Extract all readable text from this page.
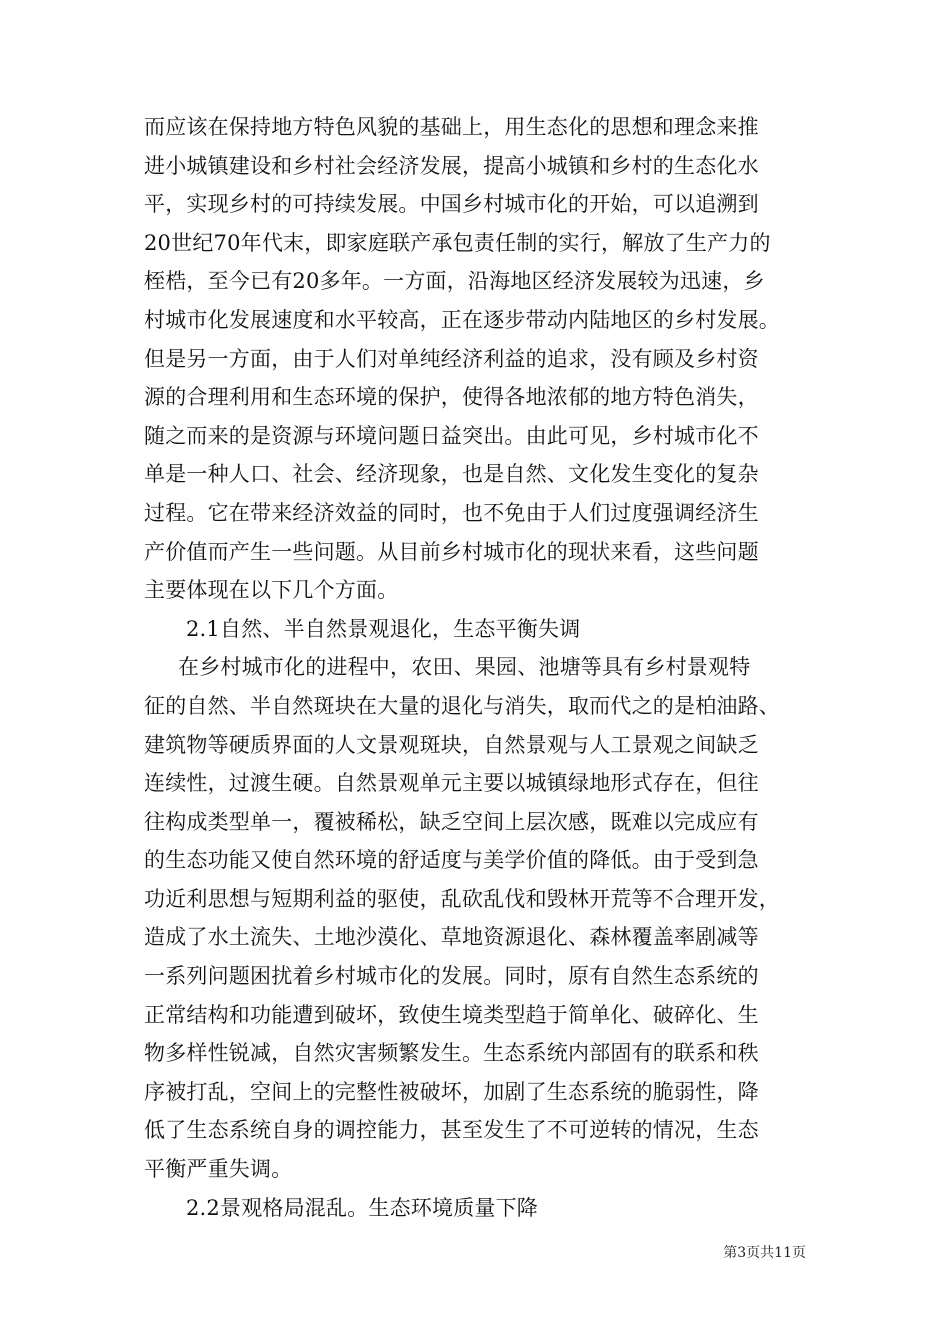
而应该在保持地方特色风貌的基础上，用生态化的思想和理念来推
进小城镇建设和乡村社会经济发展，提高小城镇和乡村的生态化水
平，实现乡村的可持续发展。中国乡村城市化的开始，可以追溯到
20世纪70年代末，即家庭联产承包责任制的实行，解放了生产力的
桎梏，至今已有20多年。一方面，沿海地区经济发展较为迅速，乡
村城市化发展速度和水平较高，正在逐步带动内陆地区的乡村发展。
但是另一方面，由于人们对单纯经济利益的追求，没有顾及乡村资
源的合理利用和生态环境的保护，使得各地浓郁的地方特色消失，
随之而来的是资源与环境问题日益突出。由此可见，乡村城市化不
单是一种人口、社会、经济现象，也是自然、文化发生变化的复杂
过程。它在带来经济效益的同时，也不免由于人们过度强调经济生
产价值而产生一些问题。从目前乡村城市化的现状来看，这些问题
主要体现在以下几个方面。
2.1自然、半自然景观退化，生态平衡失调
在乡村城市化的进程中，农田、果园、池塘等具有乡村景观特
征的自然、半自然斑块在大量的退化与消失，取而代之的是柏油路、
建筑物等硬质界面的人文景观斑块，自然景观与人工景观之间缺乏
连续性，过渡生硬。自然景观单元主要以城镇绿地形式存在，但往
往构成类型单一，覆被稀松，缺乏空间上层次感，既难以完成应有
的生态功能又使自然环境的舒适度与美学价值的降低。由于受到急
功近利思想与短期利益的驱使，乱砍乱伐和毁林开荒等不合理开发，
造成了水土流失、土地沙漠化、草地资源退化、森林覆盖率剧减等
一系列问题困扰着乡村城市化的发展。同时，原有自然生态系统的
正常结构和功能遭到破坏，致使生境类型趋于简单化、破碎化、生
物多样性锐减，自然灾害频繁发生。生态系统内部固有的联系和秩
序被打乱，空间上的完整性被破坏，加剧了生态系统的脆弱性，降
低了生态系统自身的调控能力，甚至发生了不可逆转的情况，生态
平衡严重失调。
2.2景观格局混乱。生态环境质量下降
第3页共11页
